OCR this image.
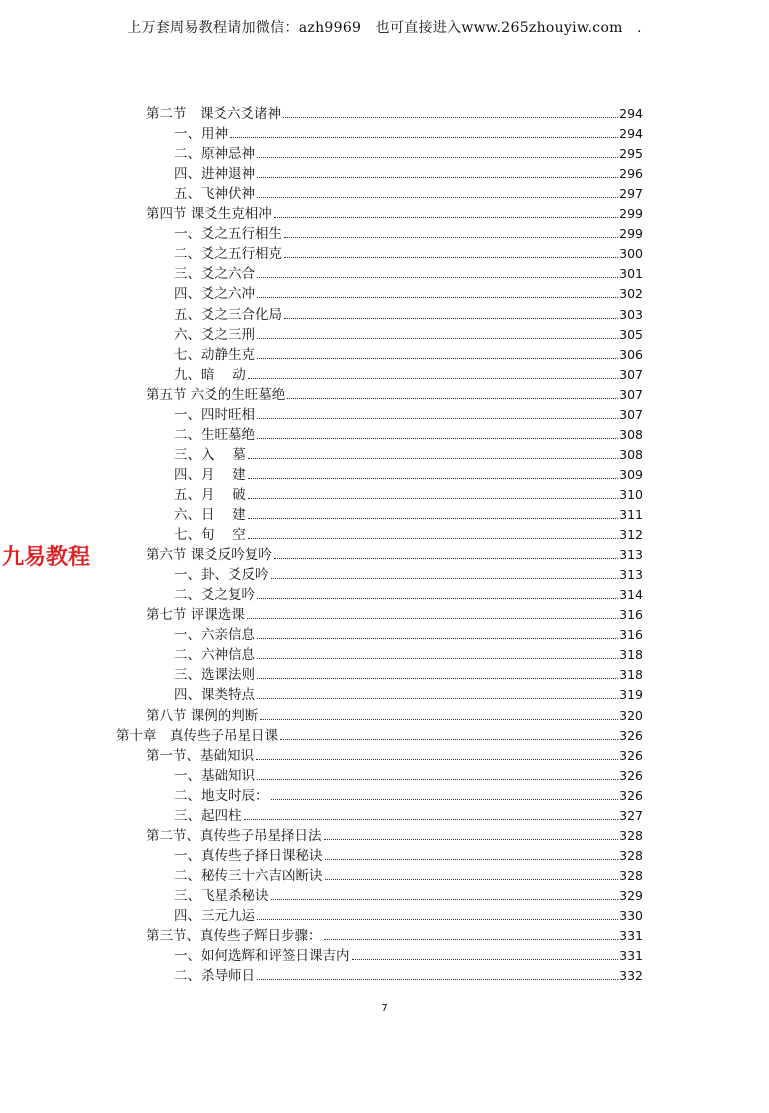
上万套周易教程请加微信：azh9969　也可直接进入www.265zhouyiw.com　.
九易教程
第二节　课爻六爻诸神	294
一、用神	294
二、原神忌神	295
四、进神退神	296
五、飞神伏神	297
第四节 课爻生克相冲	299
一、爻之五行相生	299
二、爻之五行相克	300
三、爻之六合	301
四、爻之六冲	302
五、爻之三合化局	303
六、爻之三刑	305
七、动静生克	306
九、暗　 动	307
第五节 六爻的生旺墓绝	307
一、四时旺相	307
二、生旺墓绝	308
三、入　 墓	308
四、月　 建	309
五、月　 破	310
六、日　 建	311
七、旬　 空	312
第六节 课爻反吟复吟	313
一、卦、爻反吟	313
二、爻之复吟	314
第七节 评课选课	316
一、六亲信息	316
二、六神信息	318
三、选课法则	318
四、课类特点	319
第八节 课例的判断	320
第十章　真传些子吊星日课	326
第一节、基础知识	326
一、基础知识	326
二、地支时辰：	326
三、起四柱	327
第二节、真传些子吊星择日法	328
一、真传些子择日课秘诀	328
二、秘传三十六吉凶断诀	328
三、飞星杀秘诀	329
四、三元九运	330
第三节、真传些子辉日步骤：	331
一、如何选辉和评签日课吉内	331
二、杀导师日	332
7
